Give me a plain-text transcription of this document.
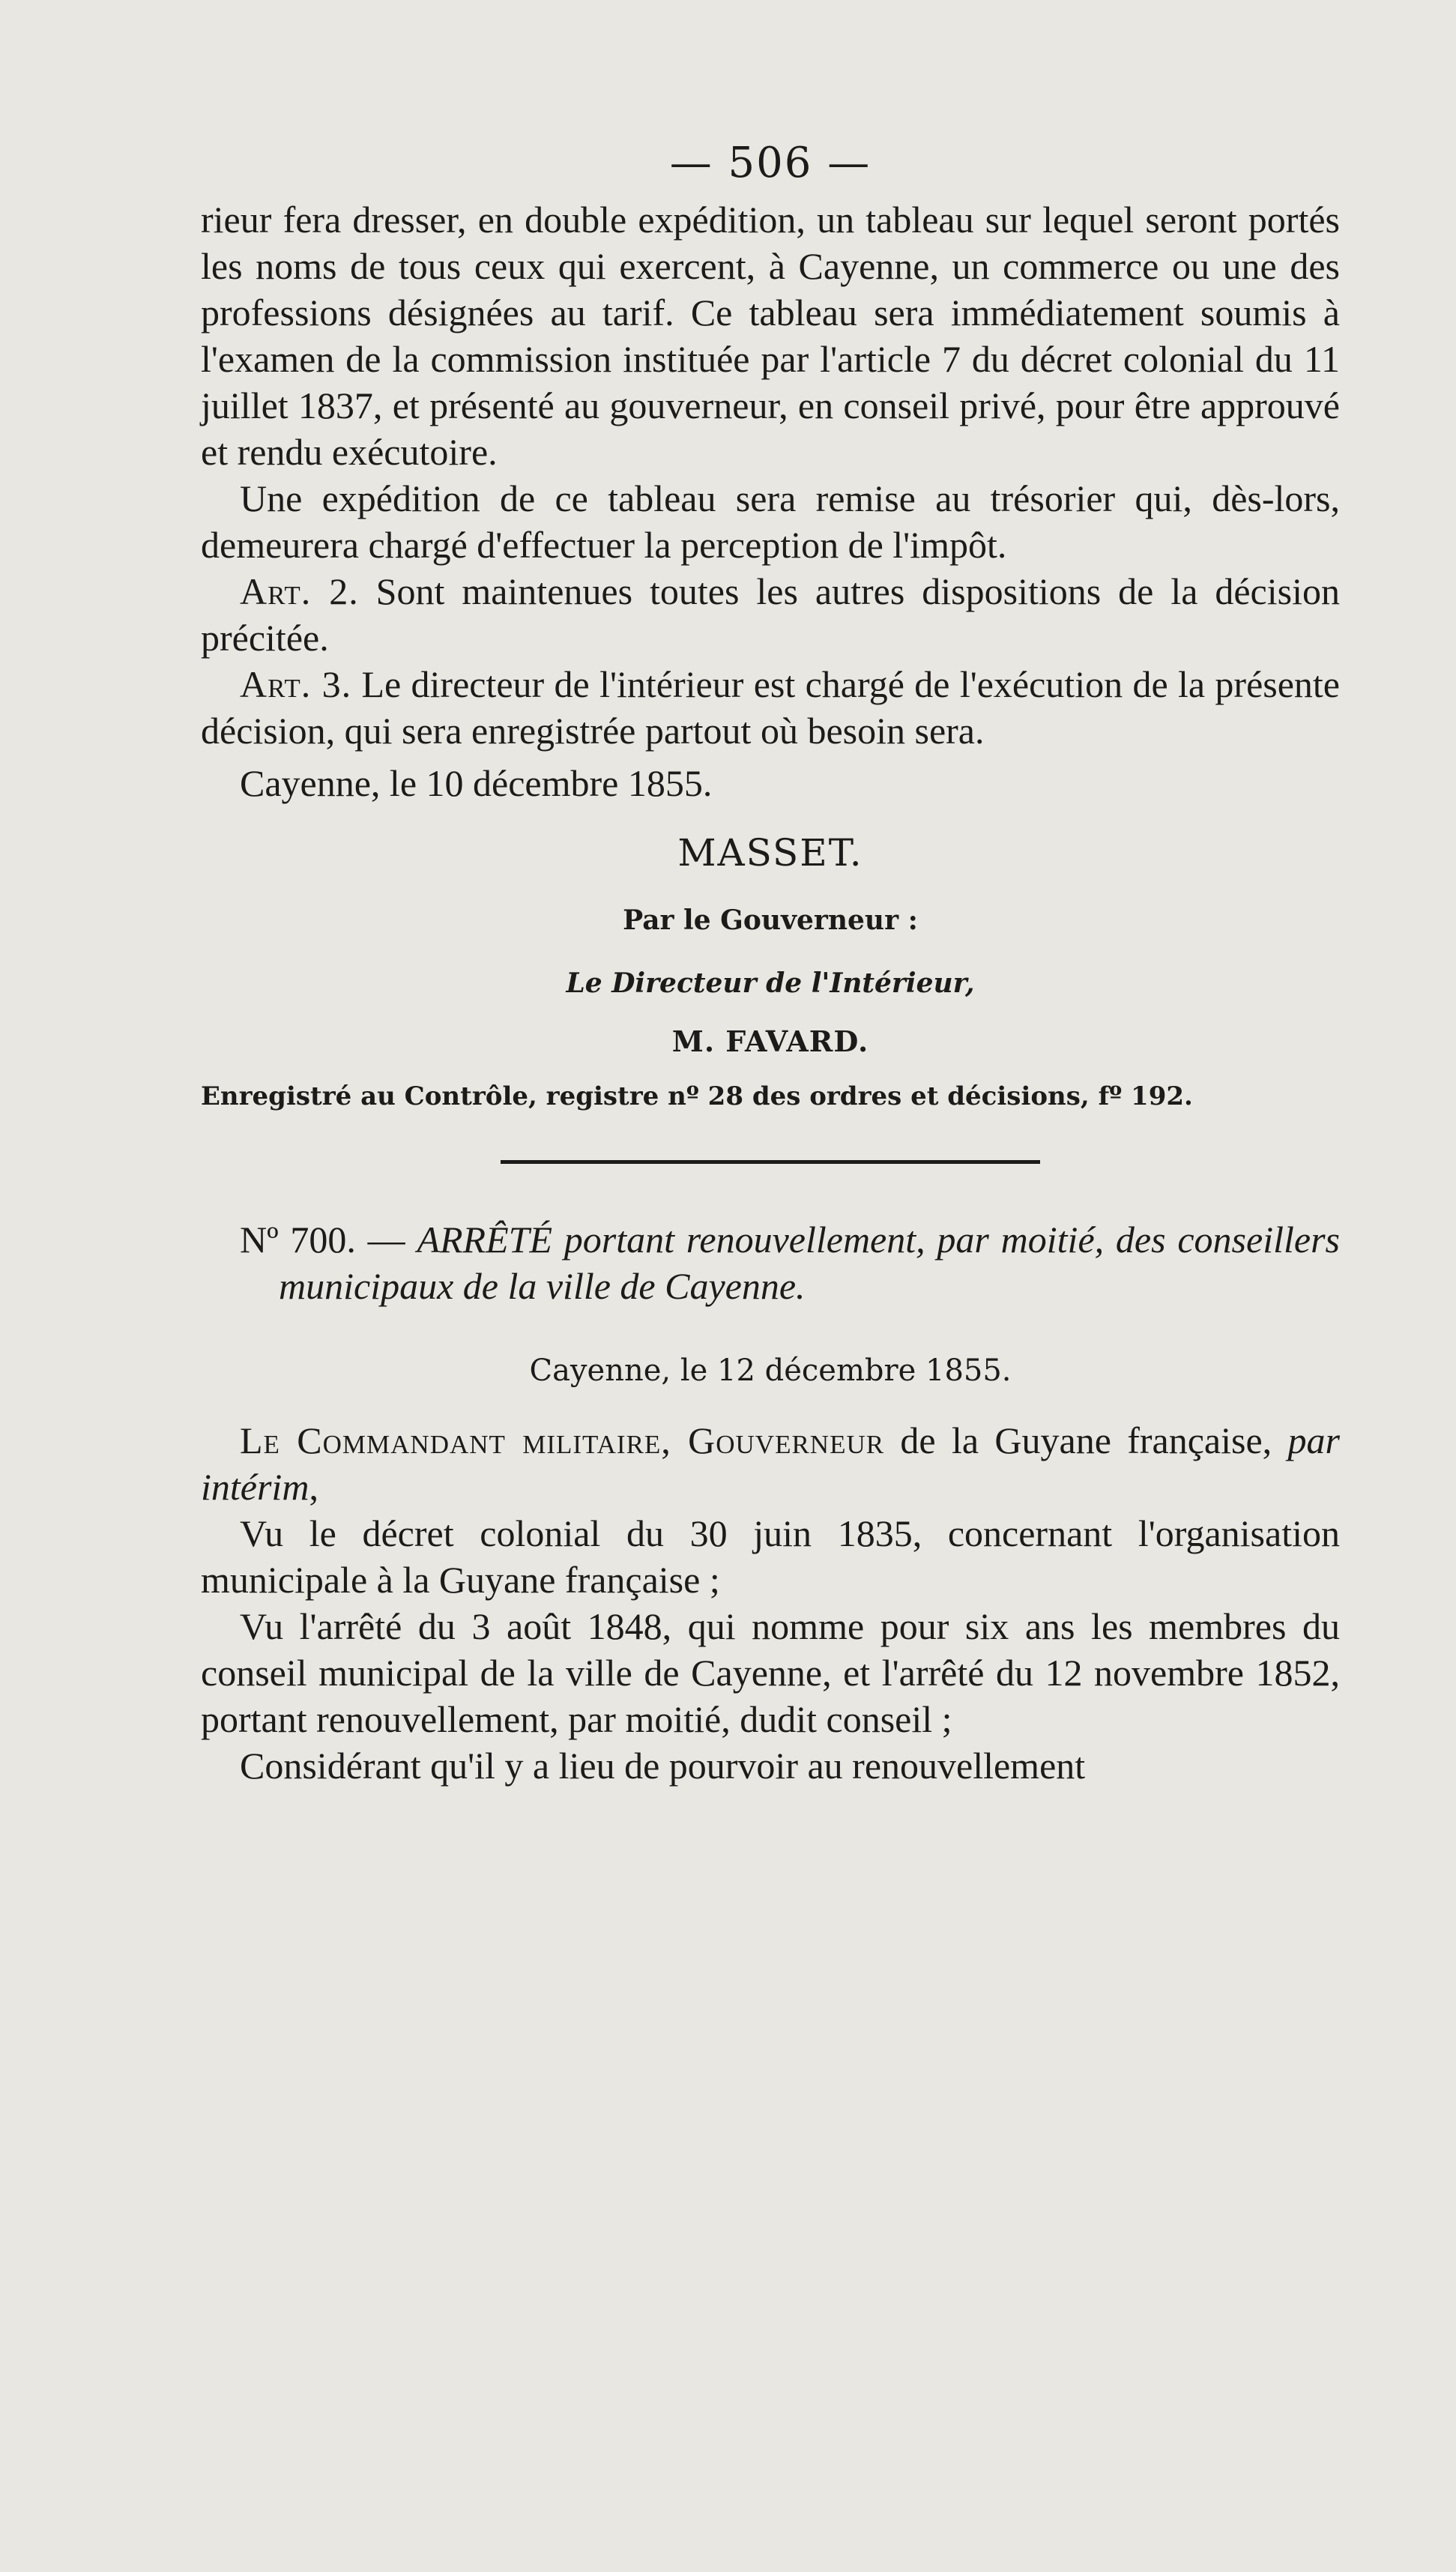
— 506 —

rieur fera dresser, en double expédition, un tableau sur lequel seront portés les noms de tous ceux qui exercent, à Cayenne, un commerce ou une des professions désignées au tarif. Ce tableau sera immédiatement soumis à l'examen de la commission instituée par l'article 7 du décret colonial du 11 juillet 1837, et présenté au gouverneur, en conseil privé, pour être approuvé et rendu exécutoire.

Une expédition de ce tableau sera remise au trésorier qui, dès-lors, demeurera chargé d'effectuer la perception de l'impôt.

Art. 2. Sont maintenues toutes les autres dispositions de la décision précitée.

Art. 3. Le directeur de l'intérieur est chargé de l'exécution de la présente décision, qui sera enregistrée partout où besoin sera.

Cayenne, le 10 décembre 1855.

MASSET.
Par le Gouverneur :
Le Directeur de l'Intérieur,
M. FAVARD.
Enregistré au Contrôle, registre nº 28 des ordres et décisions, fº 192.

Nº 700. — ARRÊTÉ portant renouvellement, par moitié, des conseillers municipaux de la ville de Cayenne.

Cayenne, le 12 décembre 1855.

Le Commandant militaire, Gouverneur de la Guyane française, par intérim,

Vu le décret colonial du 30 juin 1835, concernant l'organisation municipale à la Guyane française ;

Vu l'arrêté du 3 août 1848, qui nomme pour six ans les membres du conseil municipal de la ville de Cayenne, et l'arrêté du 12 novembre 1852, portant renouvellement, par moitié, dudit conseil ;

Considérant qu'il y a lieu de pourvoir au renouvellement
